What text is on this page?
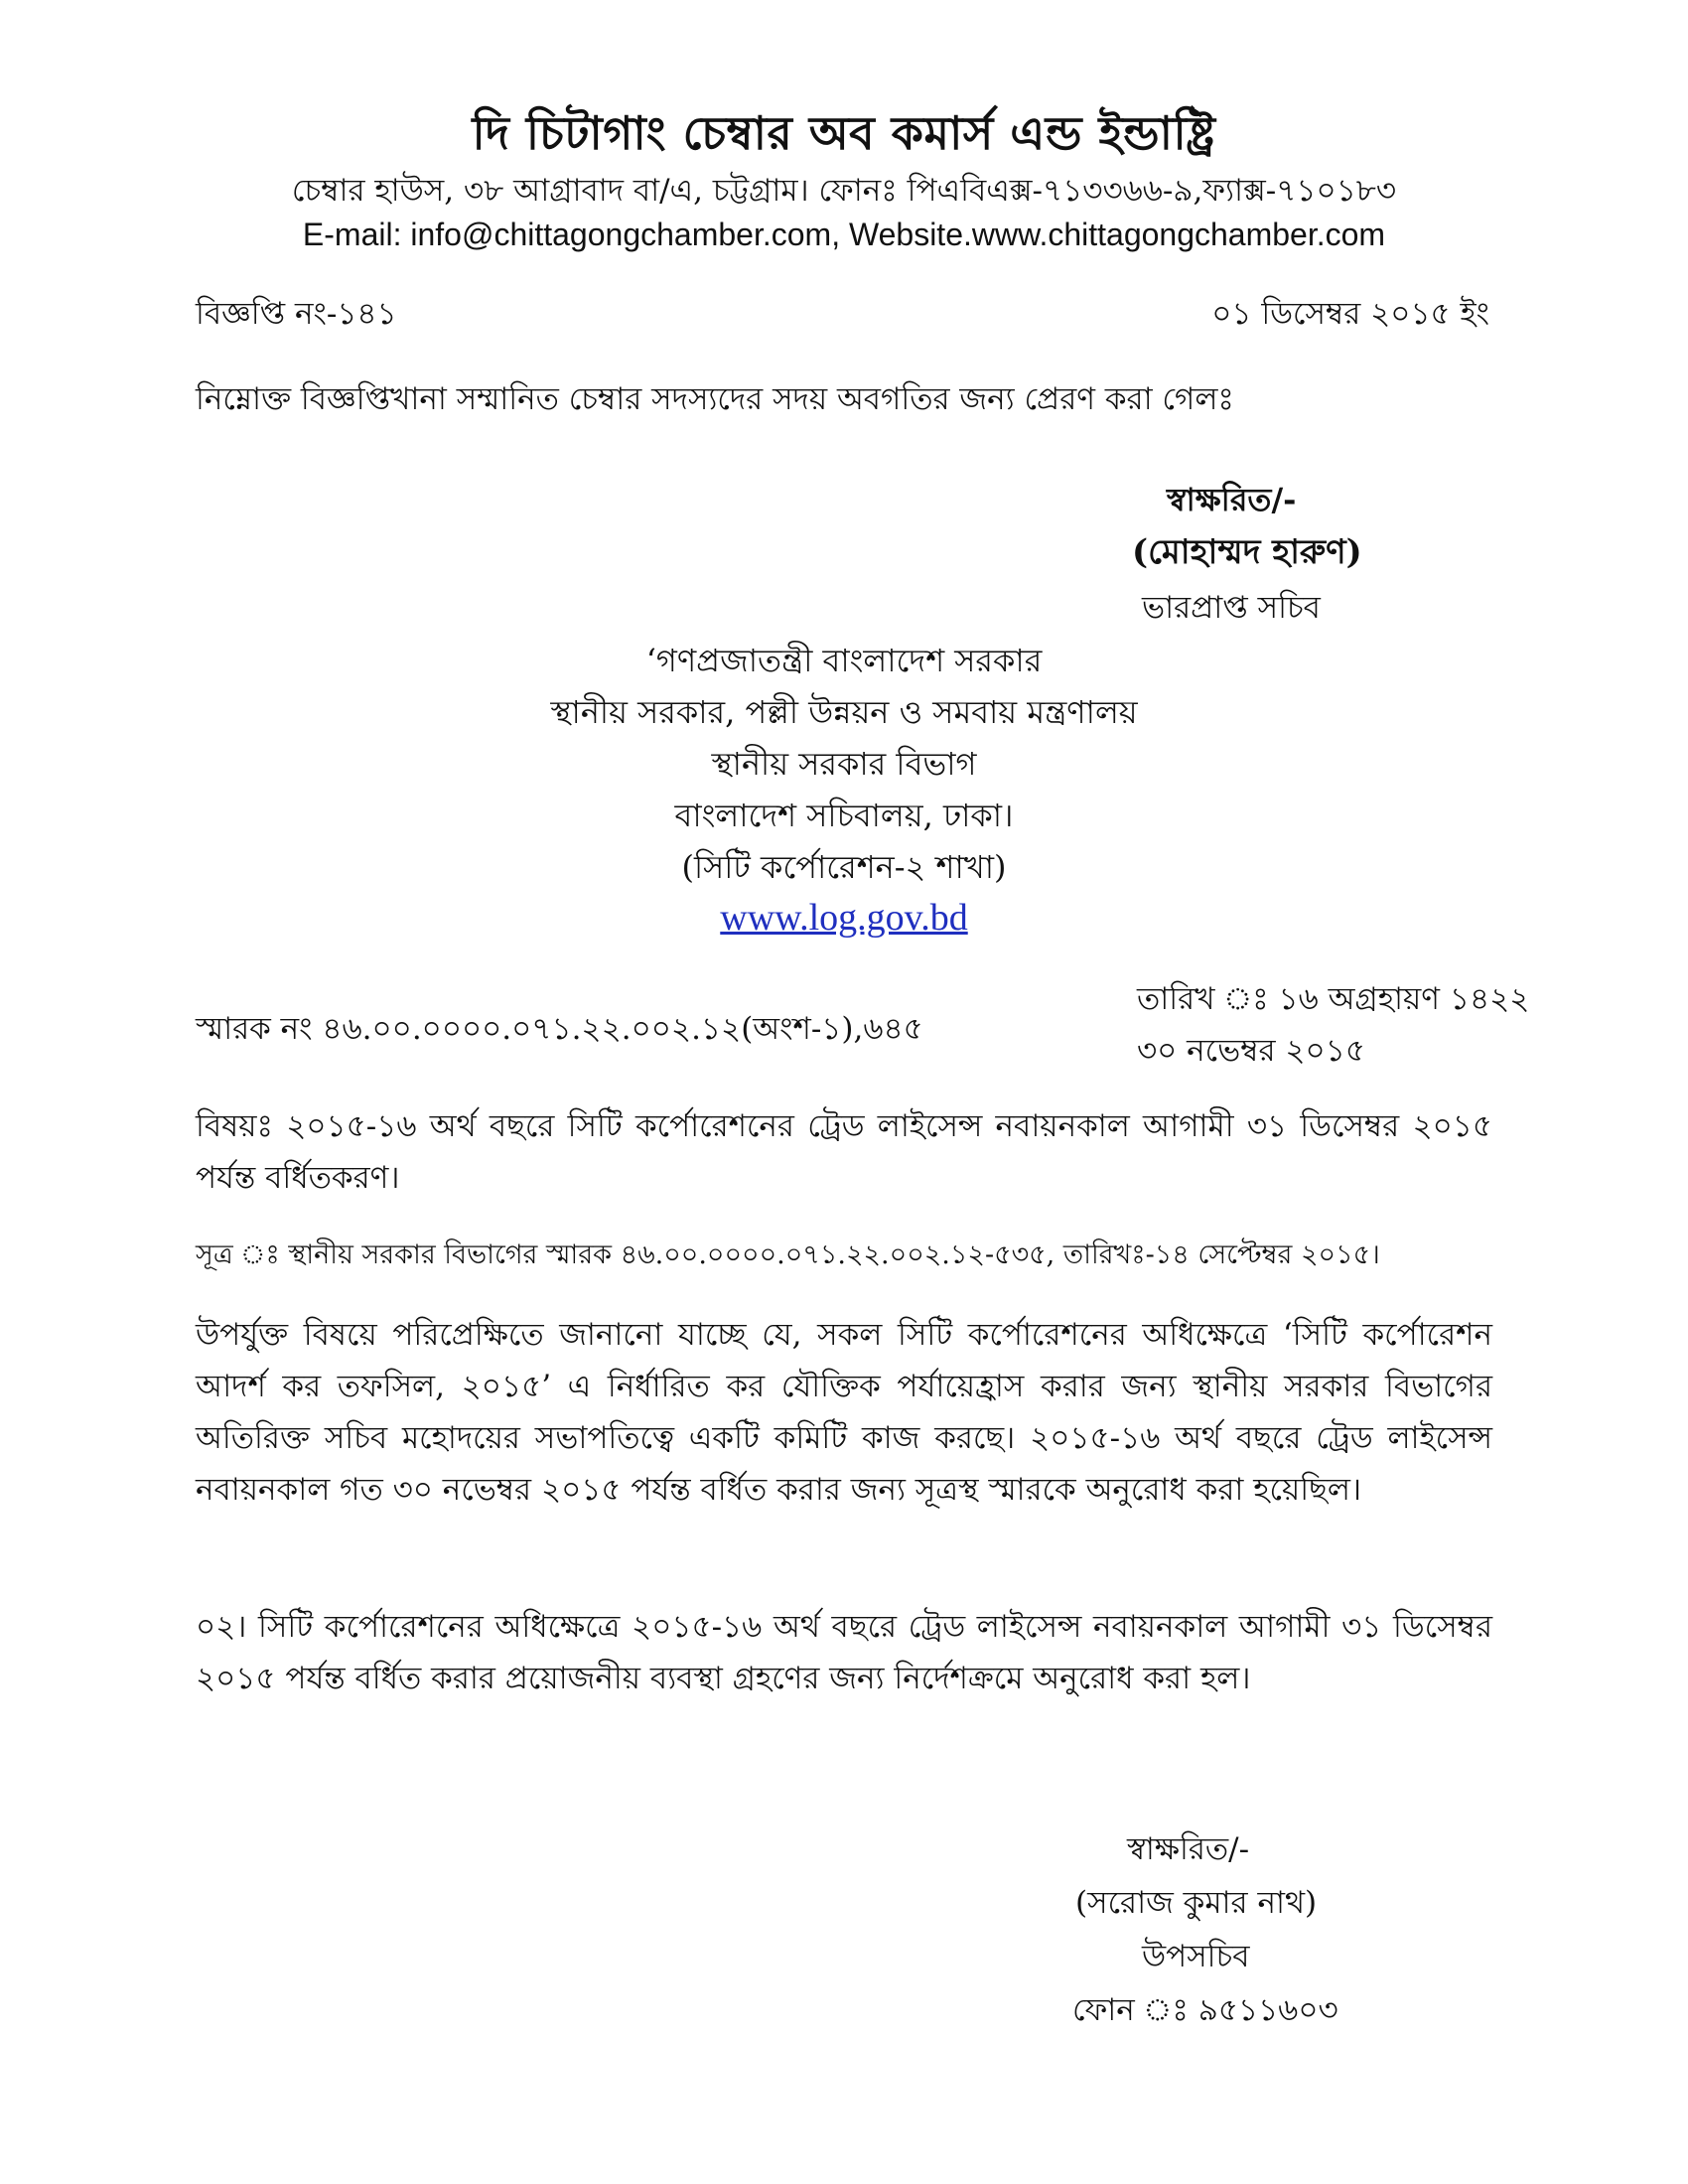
দি চিটাগাং চেম্বার অব কমার্স এন্ড ইন্ডাষ্ট্রি
চেম্বার হাউস, ৩৮ আগ্রাবাদ বা/এ, চট্টগ্রাম। ফোনঃ পিএবিএক্স-৭১৩৩৬৬-৯,ফ্যাক্স-৭১০১৮৩
E-mail: info@chittagongchamber.com, Website.www.chittagongchamber.com
বিজ্ঞপ্তি নং-১৪১	০১ ডিসেম্বর ২০১৫ ইং
নিম্নোক্ত বিজ্ঞপ্তিখানা সম্মানিত চেম্বার সদস্যদের সদয় অবগতির জন্য প্রেরণ করা গেলঃ
স্বাক্ষরিত/-
(মোহাম্মদ হারুণ)
ভারপ্রাপ্ত সচিব
‘গণপ্রজাতন্ত্রী বাংলাদেশ সরকার
স্থানীয় সরকার, পল্লী উন্নয়ন ও সমবায় মন্ত্রণালয়
স্থানীয় সরকার বিভাগ
বাংলাদেশ সচিবালয়, ঢাকা।
(সিটি কর্পোরেশন-২ শাখা)
www.log.gov.bd
স্মারক নং ৪৬.০০.০০০০.০৭১.২২.০০২.১২(অংশ-১),৬৪৫
তারিখ ঃ ১৬ অগ্রহায়ণ ১৪২২
৩০ নভেম্বর ২০১৫
বিষয়ঃ ২০১৫-১৬ অর্থ বছরে সিটি কর্পোরেশনের ট্রেড লাইসেন্স নবায়নকাল আগামী ৩১ ডিসেম্বর ২০১৫ পর্যন্ত বর্ধিতকরণ।
সূত্র ঃ স্থানীয় সরকার বিভাগের স্মারক ৪৬.০০.০০০০.০৭১.২২.০০২.১২-৫৩৫, তারিখঃ-১৪ সেপ্টেম্বর ২০১৫।
উপর্যুক্ত বিষয়ে পরিপ্রেক্ষিতে জানানো যাচ্ছে যে, সকল সিটি কর্পোরেশনের অধিক্ষেত্রে ‘সিটি কর্পোরেশন আদর্শ কর তফসিল, ২০১৫’ এ নির্ধারিত কর যৌক্তিক পর্যায়েহ্রাস করার জন্য স্থানীয় সরকার বিভাগের অতিরিক্ত সচিব মহোদয়ের সভাপতিত্বে একটি কমিটি কাজ করছে। ২০১৫-১৬ অর্থ বছরে ট্রেড লাইসেন্স নবায়নকাল গত ৩০ নভেম্বর ২০১৫ পর্যন্ত বর্ধিত করার জন্য সূত্রস্থ স্মারকে অনুরোধ করা হয়েছিল।
০২। সিটি কর্পোরেশনের অধিক্ষেত্রে ২০১৫-১৬ অর্থ বছরে ট্রেড লাইসেন্স নবায়নকাল আগামী ৩১ ডিসেম্বর ২০১৫ পর্যন্ত বর্ধিত করার প্রয়োজনীয় ব্যবস্থা গ্রহণের জন্য নির্দেশক্রমে অনুরোধ করা হল।
স্বাক্ষরিত/-
(সরোজ কুমার নাথ)
উপসচিব
ফোন ঃ ৯৫১১৬০৩
